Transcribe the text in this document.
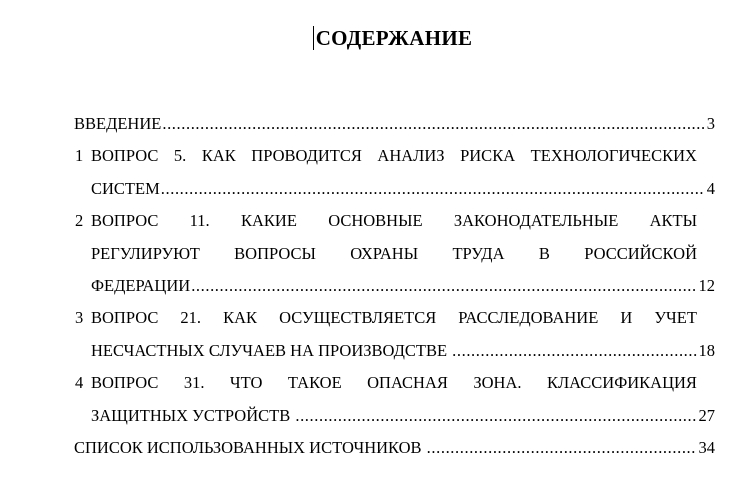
СОДЕРЖАНИЕ
ВВЕДЕНИЕ .....	3
1 ВОПРОС 5. КАК ПРОВОДИТСЯ АНАЛИЗ РИСКА ТЕХНОЛОГИЧЕСКИХ
СИСТЕМ .....	4
2 ВОПРОС 11. КАКИЕ ОСНОВНЫЕ ЗАКОНОДАТЕЛЬНЫЕ АКТЫ
РЕГУЛИРУЮТ ВОПРОСЫ ОХРАНЫ ТРУДА В РОССИЙСКОЙ
ФЕДЕРАЦИИ .....	12
3 ВОПРОС 21. КАК ОСУЩЕСТВЛЯЕТСЯ РАССЛЕДОВАНИЕ И УЧЕТ
НЕСЧАСТНЫХ СЛУЧАЕВ НА ПРОИЗВОДСТВЕ .....	18
4 ВОПРОС 31. ЧТО ТАКОЕ ОПАСНАЯ ЗОНА. КЛАССИФИКАЦИЯ
ЗАЩИТНЫХ УСТРОЙСТВ .....	27
СПИСОК ИСПОЛЬЗОВАННЫХ ИСТОЧНИКОВ .....	34
